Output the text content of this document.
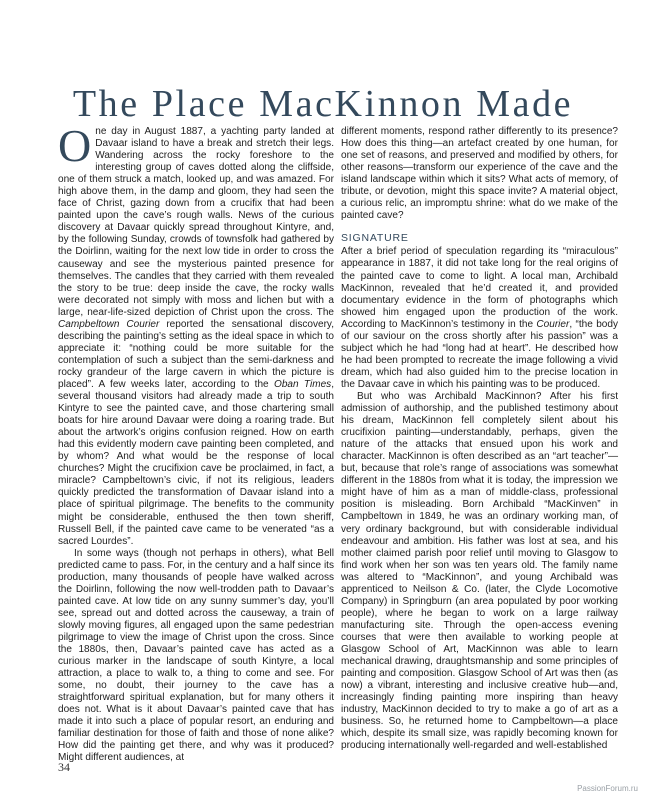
The Place MacKinnon Made

One day in August 1887, a yachting party landed at Davaar island to have a break and stretch their legs. Wandering across the rocky foreshore to the interesting group of caves dotted along the cliffside, one of them struck a match, looked up, and was amazed. For high above them, in the damp and gloom, they had seen the face of Christ, gazing down from a crucifix that had been painted upon the cave’s rough walls. News of the curious discovery at Davaar quickly spread throughout Kintyre, and, by the following Sunday, crowds of townsfolk had gathered by the Doirlinn, waiting for the next low tide in order to cross the causeway and see the mysterious painted presence for themselves. The candles that they carried with them revealed the story to be true: deep inside the cave, the rocky walls were decorated not simply with moss and lichen but with a large, near-life-sized depiction of Christ upon the cross. The Campbeltown Courier reported the sensational discovery, describing the painting’s setting as the ideal space in which to appreciate it: “nothing could be more suitable for the contemplation of such a subject than the semi-darkness and rocky grandeur of the large cavern in which the picture is placed”. A few weeks later, according to the Oban Times, several thousand visitors had already made a trip to south Kintyre to see the painted cave, and those chartering small boats for hire around Davaar were doing a roaring trade. But about the artwork’s origins confusion reigned. How on earth had this evidently modern cave painting been completed, and by whom? And what would be the response of local churches? Might the crucifixion cave be proclaimed, in fact, a miracle? Campbeltown’s civic, if not its religious, leaders quickly predicted the transformation of Davaar island into a place of spiritual pilgrimage. The benefits to the community might be considerable, enthused the then town sheriff, Russell Bell, if the painted cave came to be venerated “as a sacred Lourdes”.

In some ways (though not perhaps in others), what Bell predicted came to pass. For, in the century and a half since its production, many thousands of people have walked across the Doirlinn, following the now well-trodden path to Davaar’s painted cave. At low tide on any sunny summer’s day, you’ll see, spread out and dotted across the causeway, a train of slowly moving figures, all engaged upon the same pedestrian pilgrimage to view the image of Christ upon the cross. Since the 1880s, then, Davaar’s painted cave has acted as a curious marker in the landscape of south Kintyre, a local attraction, a place to walk to, a thing to come and see. For some, no doubt, their journey to the cave has a straightforward spiritual explanation, but for many others it does not. What is it about Davaar’s painted cave that has made it into such a place of popular resort, an enduring and familiar destination for those of faith and those of none alike? How did the painting get there, and why was it produced? Might different audiences, at

different moments, respond rather differently to its presence? How does this thing—an artefact created by one human, for one set of reasons, and preserved and modified by others, for other reasons—transform our experience of the cave and the island landscape within which it sits? What acts of memory, of tribute, or devotion, might this space invite? A material object, a curious relic, an impromptu shrine: what do we make of the painted cave?

SIGNATURE

After a brief period of speculation regarding its “miraculous” appearance in 1887, it did not take long for the real origins of the painted cave to come to light. A local man, Archibald MacKinnon, revealed that he’d created it, and provided documentary evidence in the form of photographs which showed him engaged upon the production of the work. According to MacKinnon’s testimony in the Courier, “the body of our saviour on the cross shortly after his passion” was a subject which he had “long had at heart”. He described how he had been prompted to recreate the image following a vivid dream, which had also guided him to the precise location in the Davaar cave in which his painting was to be produced.

But who was Archibald MacKinnon? After his first admission of authorship, and the published testimony about his dream, MacKinnon fell completely silent about his crucifixion painting—understandably, perhaps, given the nature of the attacks that ensued upon his work and character. MacKinnon is often described as an “art teacher”—but, because that role’s range of associations was somewhat different in the 1880s from what it is today, the impression we might have of him as a man of middle-class, professional position is misleading. Born Archibald “MacKinven” in Campbeltown in 1849, he was an ordinary working man, of very ordinary background, but with considerable individual endeavour and ambition. His father was lost at sea, and his mother claimed parish poor relief until moving to Glasgow to find work when her son was ten years old. The family name was altered to “MacKinnon”, and young Archibald was apprenticed to Neilson & Co. (later, the Clyde Locomotive Company) in Springburn (an area populated by poor working people), where he began to work on a large railway manufacturing site. Through the open-access evening courses that were then available to working people at Glasgow School of Art, MacKinnon was able to learn mechanical drawing, draughtsmanship and some principles of painting and composition. Glasgow School of Art was then (as now) a vibrant, interesting and inclusive creative hub—and, increasingly finding painting more inspiring than heavy industry, MacKinnon decided to try to make a go of art as a business. So, he returned home to Campbeltown—a place which, despite its small size, was rapidly becoming known for producing internationally well-regarded and well-established

34
PassionForum.ru
